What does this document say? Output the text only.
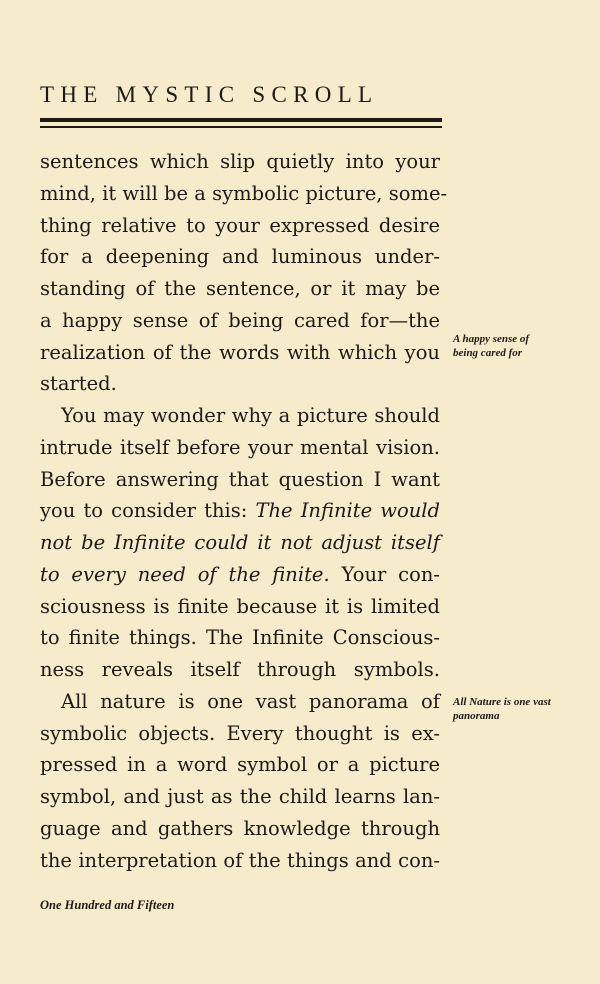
THE MYSTIC SCROLL
sentences which slip quietly into your
mind, it will be a symbolic picture, some-
thing relative to your expressed desire
for a deepening and luminous under-
standing of the sentence, or it may be
a happy sense of being cared for—the
realization of the words with which you
started.
You may wonder why a picture should
intrude itself before your mental vision.
Before answering that question I want
you to consider this: The Infinite would
not be Infinite could it not adjust itself
to every need of the finite. Your con-
sciousness is finite because it is limited
to finite things. The Infinite Conscious-
ness reveals itself through symbols.
All nature is one vast panorama of
symbolic objects. Every thought is ex-
pressed in a word symbol or a picture
symbol, and just as the child learns lan-
guage and gathers knowledge through
the interpretation of the things and con-
A happy sense of
being cared for
All Nature is one vast
panorama
One Hundred and Fifteen
